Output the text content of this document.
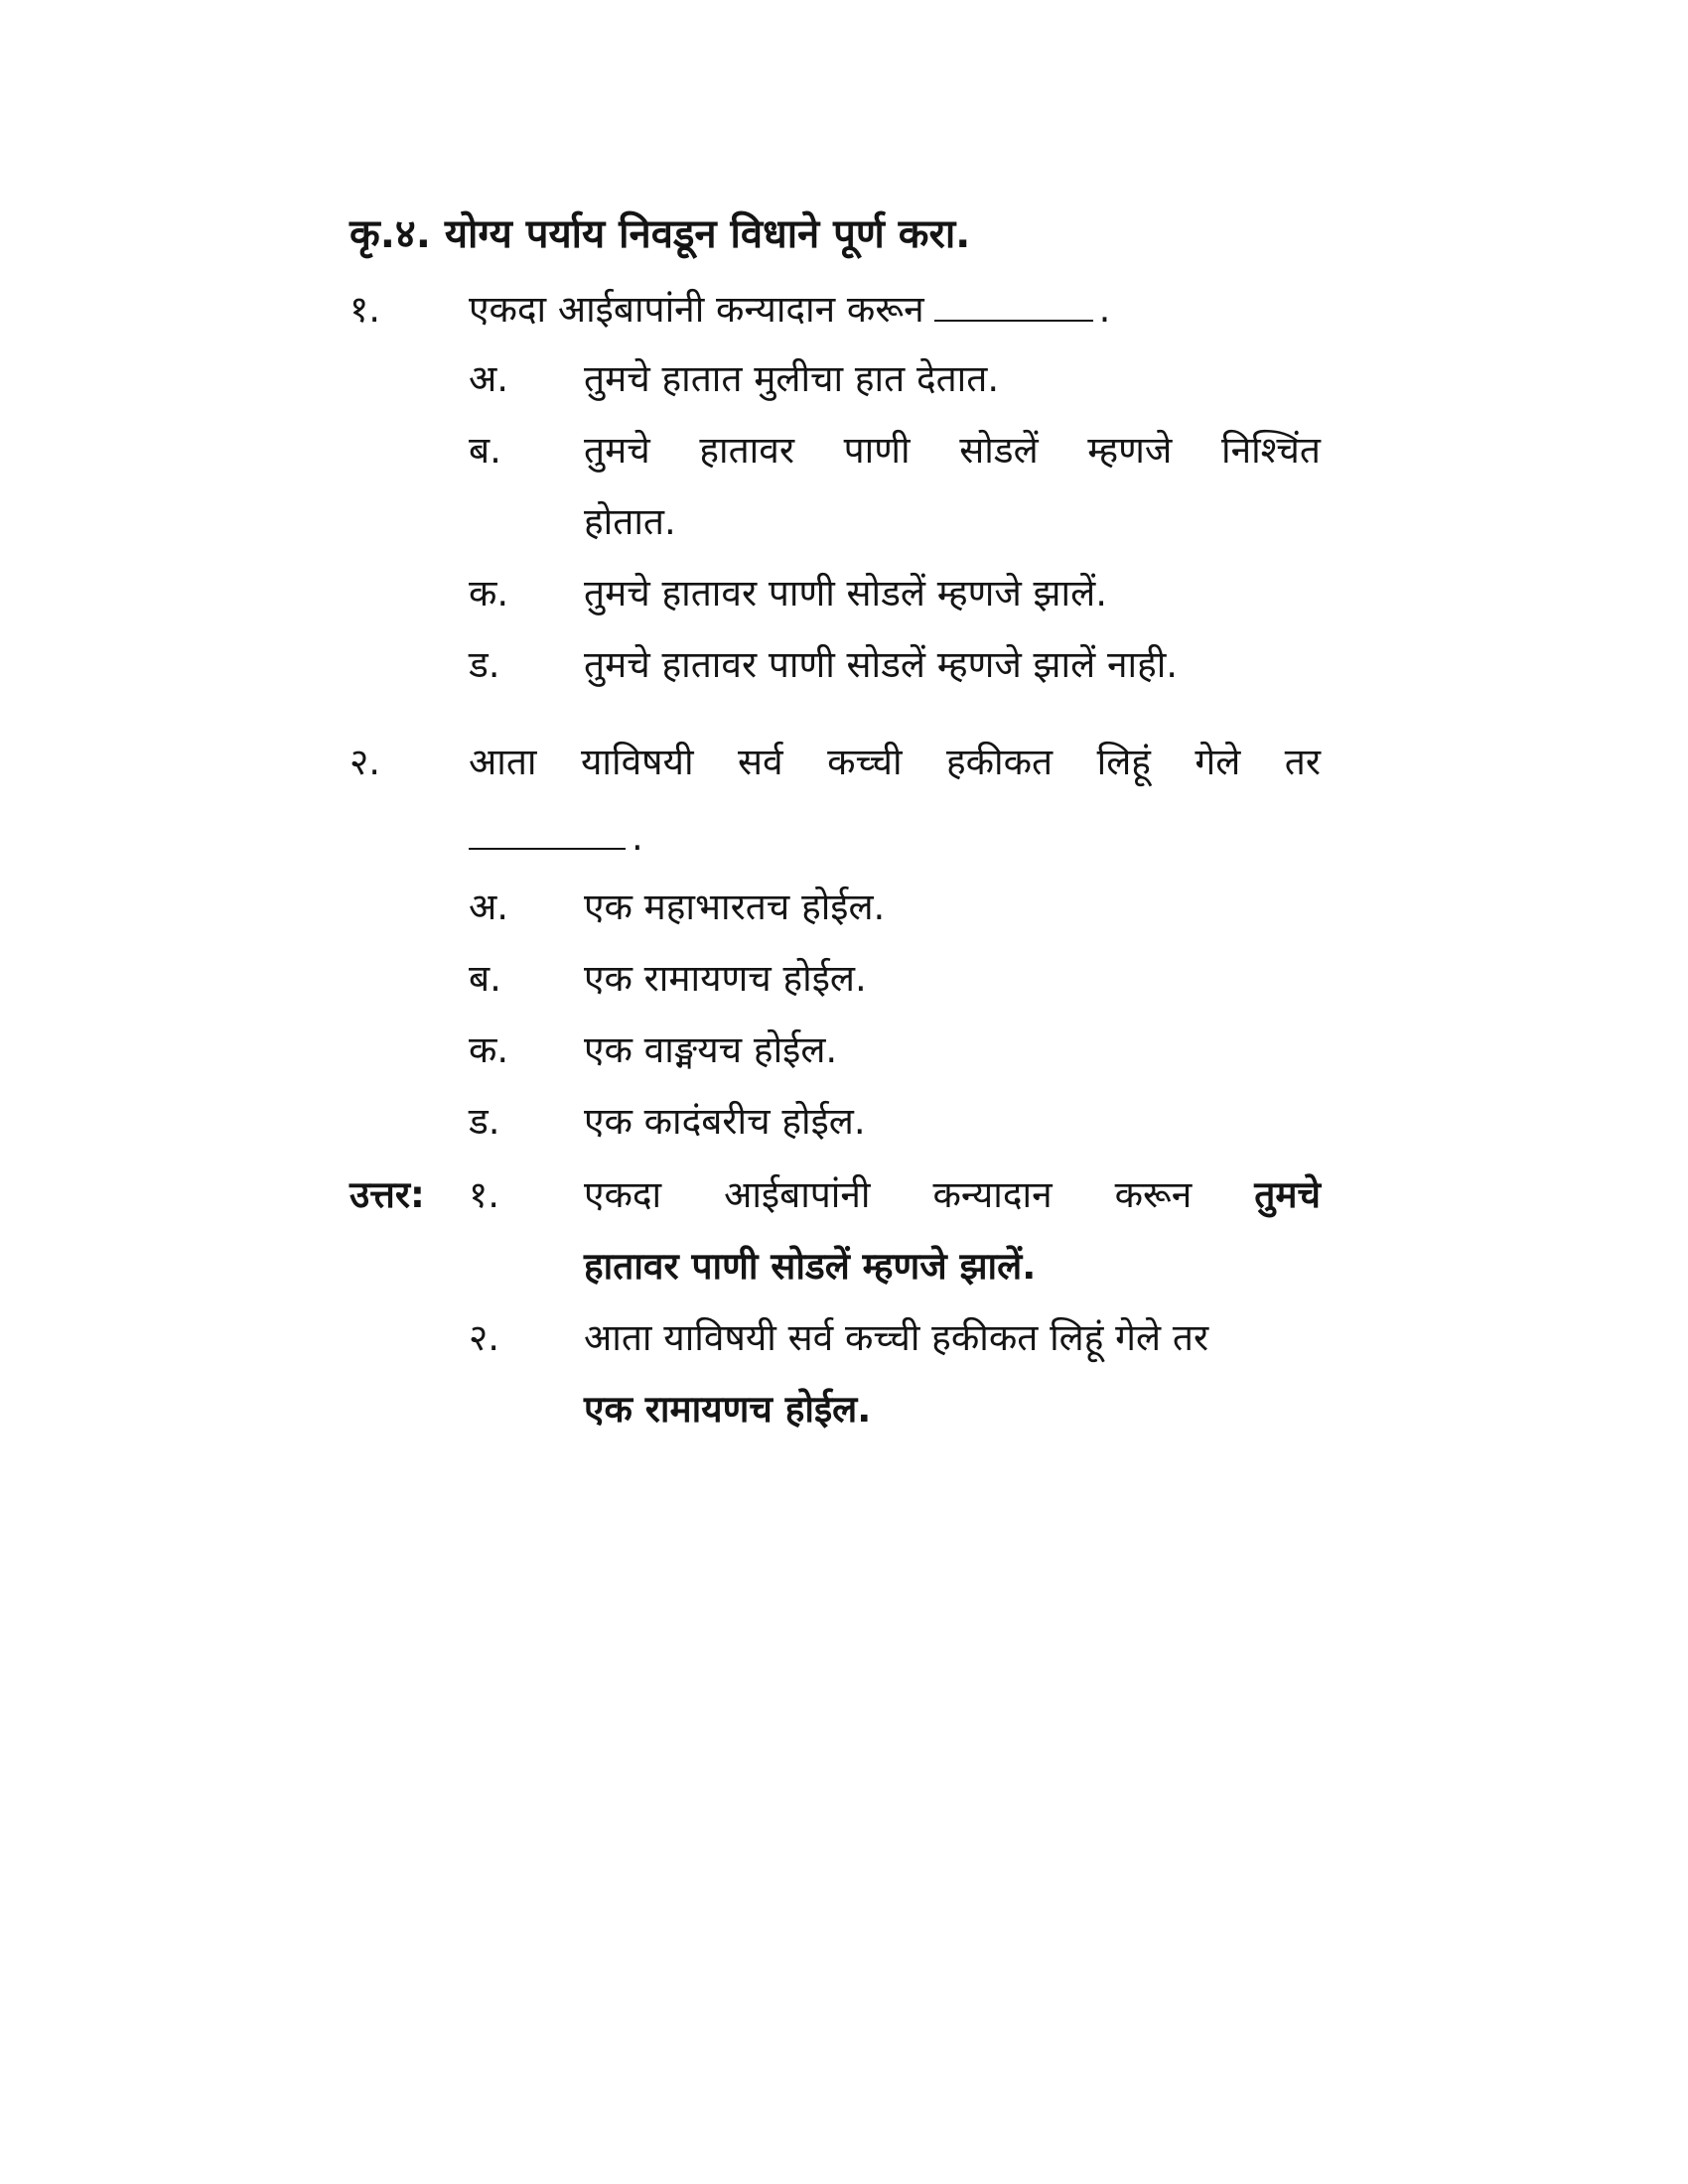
कृ.४. योग्य पर्याय निवडून विधाने पूर्ण करा.
१. एकदा आईबापांनी कन्यादान करून	.
अ. तुमचे हातात मुलीचा हात देतात.
ब. तुमचे हातावर पाणी सोडलें म्हणजे निश्चिंत
होतात.
क. तुमचे हातावर पाणी सोडलें म्हणजे झालें.
ड. तुमचे हातावर पाणी सोडलें म्हणजे झालें नाही.
२. आता याविषयी सर्व कच्ची हकीकत लिहूं गेले तर
.
अ. एक महाभारतच होईल.
ब. एक रामायणच होईल.
क. एक वाङ्मयच होईल.
ड. एक कादंबरीच होईल.
उत्तर: १. एकदा आईबापांनी कन्यादान करून तुमचे
हातावर पाणी सोडलें म्हणजे झालें.
२. आता याविषयी सर्व कच्ची हकीकत लिहूं गेले तर
एक रामायणच होईल.
